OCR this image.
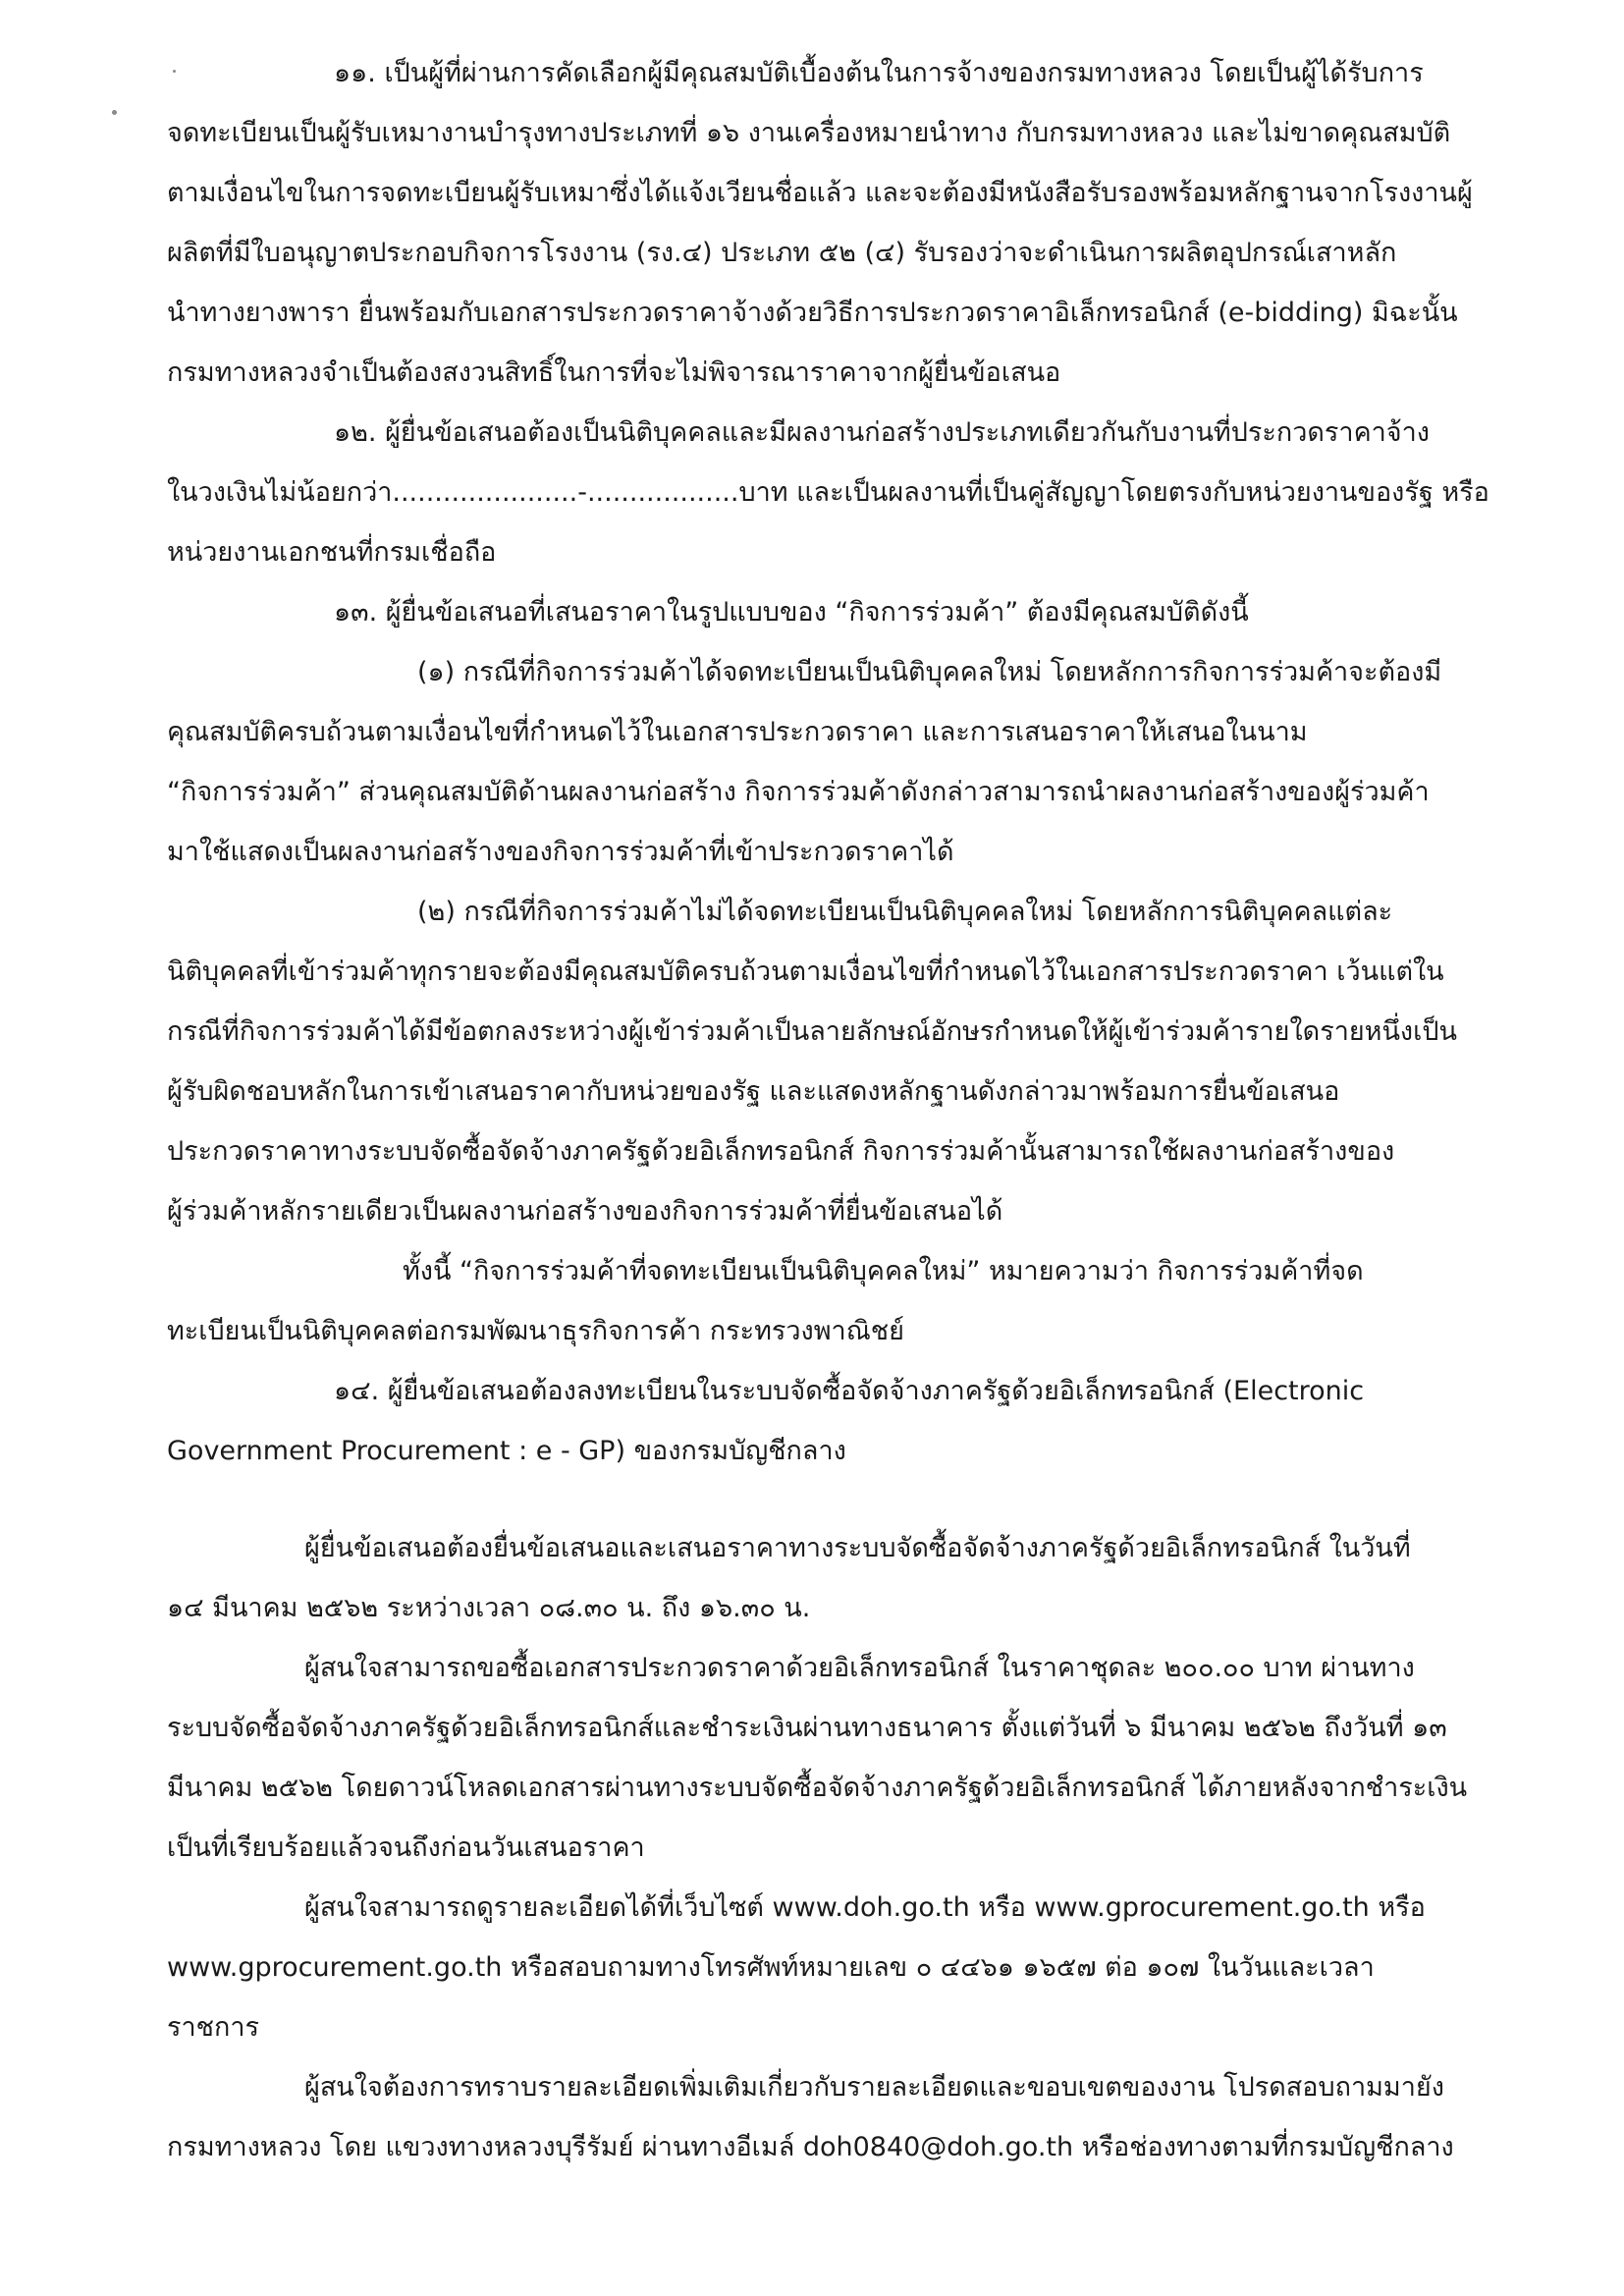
๑๑. เป็นผู้ที่ผ่านการคัดเลือกผู้มีคุณสมบัติเบื้องต้นในการจ้างของกรมทางหลวง โดยเป็นผู้ได้รับการ
จดทะเบียนเป็นผู้รับเหมางานบำรุงทางประเภทที่ ๑๖ งานเครื่องหมายนำทาง กับกรมทางหลวง และไม่ขาดคุณสมบัติ
ตามเงื่อนไขในการจดทะเบียนผู้รับเหมาซึ่งได้แจ้งเวียนชื่อแล้ว และจะต้องมีหนังสือรับรองพร้อมหลักฐานจากโรงงานผู้
ผลิตที่มีใบอนุญาตประกอบกิจการโรงงาน (รง.๔) ประเภท ๕๒ (๔) รับรองว่าจะดำเนินการผลิตอุปกรณ์เสาหลัก
นำทางยางพารา ยื่นพร้อมกับเอกสารประกวดราคาจ้างด้วยวิธีการประกวดราคาอิเล็กทรอนิกส์ (e-bidding) มิฉะนั้น
กรมทางหลวงจำเป็นต้องสงวนสิทธิ์ในการที่จะไม่พิจารณาราคาจากผู้ยื่นข้อเสนอ
๑๒. ผู้ยื่นข้อเสนอต้องเป็นนิติบุคคลและมีผลงานก่อสร้างประเภทเดียวกันกับงานที่ประกวดราคาจ้าง
ในวงเงินไม่น้อยกว่า......................-..................บาท และเป็นผลงานที่เป็นคู่สัญญาโดยตรงกับหน่วยงานของรัฐ หรือ
หน่วยงานเอกชนที่กรมเชื่อถือ
๑๓. ผู้ยื่นข้อเสนอที่เสนอราคาในรูปแบบของ “กิจการร่วมค้า” ต้องมีคุณสมบัติดังนี้
(๑) กรณีที่กิจการร่วมค้าได้จดทะเบียนเป็นนิติบุคคลใหม่ โดยหลักการกิจการร่วมค้าจะต้องมี
คุณสมบัติครบถ้วนตามเงื่อนไขที่กำหนดไว้ในเอกสารประกวดราคา และการเสนอราคาให้เสนอในนาม
“กิจการร่วมค้า” ส่วนคุณสมบัติด้านผลงานก่อสร้าง กิจการร่วมค้าดังกล่าวสามารถนำผลงานก่อสร้างของผู้ร่วมค้า
มาใช้แสดงเป็นผลงานก่อสร้างของกิจการร่วมค้าที่เข้าประกวดราคาได้
(๒) กรณีที่กิจการร่วมค้าไม่ได้จดทะเบียนเป็นนิติบุคคลใหม่ โดยหลักการนิติบุคคลแต่ละ
นิติบุคคลที่เข้าร่วมค้าทุกรายจะต้องมีคุณสมบัติครบถ้วนตามเงื่อนไขที่กำหนดไว้ในเอกสารประกวดราคา เว้นแต่ใน
กรณีที่กิจการร่วมค้าได้มีข้อตกลงระหว่างผู้เข้าร่วมค้าเป็นลายลักษณ์อักษรกำหนดให้ผู้เข้าร่วมค้ารายใดรายหนึ่งเป็น
ผู้รับผิดชอบหลักในการเข้าเสนอราคากับหน่วยของรัฐ และแสดงหลักฐานดังกล่าวมาพร้อมการยื่นข้อเสนอ
ประกวดราคาทางระบบจัดซื้อจัดจ้างภาครัฐด้วยอิเล็กทรอนิกส์ กิจการร่วมค้านั้นสามารถใช้ผลงานก่อสร้างของ
ผู้ร่วมค้าหลักรายเดียวเป็นผลงานก่อสร้างของกิจการร่วมค้าที่ยื่นข้อเสนอได้
ทั้งนี้ “กิจการร่วมค้าที่จดทะเบียนเป็นนิติบุคคลใหม่” หมายความว่า กิจการร่วมค้าที่จด
ทะเบียนเป็นนิติบุคคลต่อกรมพัฒนาธุรกิจการค้า กระทรวงพาณิชย์
๑๔. ผู้ยื่นข้อเสนอต้องลงทะเบียนในระบบจัดซื้อจัดจ้างภาครัฐด้วยอิเล็กทรอนิกส์ (Electronic
Government Procurement : e - GP) ของกรมบัญชีกลาง
ผู้ยื่นข้อเสนอต้องยื่นข้อเสนอและเสนอราคาทางระบบจัดซื้อจัดจ้างภาครัฐด้วยอิเล็กทรอนิกส์ ในวันที่
๑๔ มีนาคม ๒๕๖๒ ระหว่างเวลา ๐๘.๓๐ น. ถึง ๑๖.๓๐ น.
ผู้สนใจสามารถขอซื้อเอกสารประกวดราคาด้วยอิเล็กทรอนิกส์ ในราคาชุดละ ๒๐๐.๐๐ บาท ผ่านทาง
ระบบจัดซื้อจัดจ้างภาครัฐด้วยอิเล็กทรอนิกส์และชำระเงินผ่านทางธนาคาร ตั้งแต่วันที่ ๖ มีนาคม ๒๕๖๒ ถึงวันที่ ๑๓
มีนาคม ๒๕๖๒ โดยดาวน์โหลดเอกสารผ่านทางระบบจัดซื้อจัดจ้างภาครัฐด้วยอิเล็กทรอนิกส์ ได้ภายหลังจากชำระเงิน
เป็นที่เรียบร้อยแล้วจนถึงก่อนวันเสนอราคา
ผู้สนใจสามารถดูรายละเอียดได้ที่เว็บไซต์ www.doh.go.th หรือ www.gprocurement.go.th หรือ
www.gprocurement.go.th หรือสอบถามทางโทรศัพท์หมายเลข ๐ ๔๔๖๑ ๑๖๕๗ ต่อ ๑๐๗ ในวันและเวลา
ราชการ
ผู้สนใจต้องการทราบรายละเอียดเพิ่มเติมเกี่ยวกับรายละเอียดและขอบเขตของงาน โปรดสอบถามมายัง
กรมทางหลวง โดย แขวงทางหลวงบุรีรัมย์ ผ่านทางอีเมล์ doh0840@doh.go.th หรือช่องทางตามที่กรมบัญชีกลาง
